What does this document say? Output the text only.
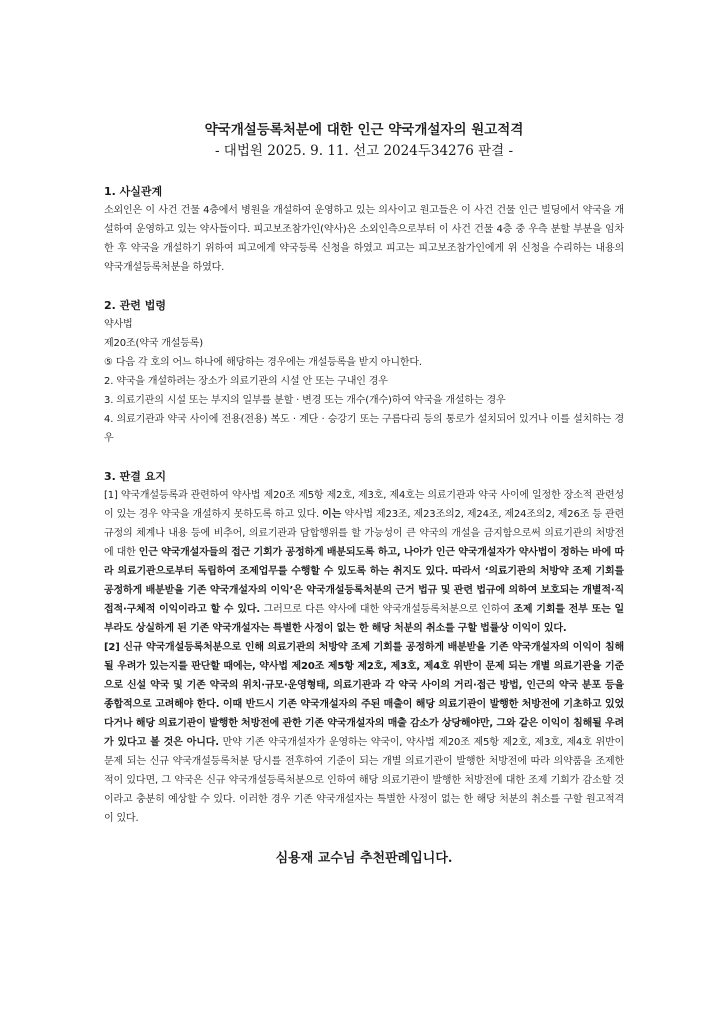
약국개설등록처분에 대한 인근 약국개설자의 원고적격
- 대법원 2025. 9. 11. 선고 2024두34276 판결 -
1. 사실관계

소외인은 이 사건 건물 4층에서 병원을 개설하여 운영하고 있는 의사이고 원고들은 이 사건 건물 인근 빌딩에서 약국을 개설하여 운영하고 있는 약사들이다. 피고보조참가인(약사)은 소외인측으로부터 이 사건 건물 4층 중 우측 분할 부분을 임차한 후 약국을 개설하기 위하여 피고에게 약국등록 신청을 하였고 피고는 피고보조참가인에게 위 신청을 수리하는 내용의 약국개설등록처분을 하였다.

2. 관련 법령
약사법
제20조(약국 개설등록)
⑤ 다음 각 호의 어느 하나에 해당하는 경우에는 개설등록을 받지 아니한다.
2. 약국을 개설하려는 장소가 의료기관의 시설 안 또는 구내인 경우
3. 의료기관의 시설 또는 부지의 일부를 분할 · 변경 또는 개수(개수)하여 약국을 개설하는 경우
4. 의료기관과 약국 사이에 전용(전용) 복도 · 계단 · 승강기 또는 구름다리 등의 통로가 설치되어 있거나 이를 설치하는 경우
3. 판결 요지

[1] 약국개설등록과 관련하여 약사법 제20조 제5항 제2호, 제3호, 제4호는 의료기관과 약국 사이에 일정한 장소적 관련성이 있는 경우 약국을 개설하지 못하도록 하고 있다. 이는 약사법 제23조, 제23조의2, 제24조, 제24조의2, 제26조 등 관련 규정의 체계나 내용 등에 비추어, 의료기관과 담합행위를 할 가능성이 큰 약국의 개설을 금지함으로써 의료기관의 처방전에 대한 인근 약국개설자들의 접근 기회가 공정하게 배분되도록 하고, 나아가 인근 약국개설자가 약사법이 정하는 바에 따라 의료기관으로부터 독립하여 조제업무를 수행할 수 있도록 하는 취지도 있다. 따라서 ‘의료기관의 처방약 조제 기회를 공정하게 배분받을 기존 약국개설자의 이익’은 약국개설등록처분의 근거 법규 및 관련 법규에 의하여 보호되는 개별적·직접적·구체적 이익이라고 할 수 있다. 그러므로 다른 약사에 대한 약국개설등록처분으로 인하여 조제 기회를 전부 또는 일부라도 상실하게 된 기존 약국개설자는 특별한 사정이 없는 한 해당 처분의 취소를 구할 법률상 이익이 있다.

[2] 신규 약국개설등록처분으로 인해 의료기관의 처방약 조제 기회를 공정하게 배분받을 기존 약국개설자의 이익이 침해될 우려가 있는지를 판단할 때에는, 약사법 제20조 제5항 제2호, 제3호, 제4호 위반이 문제 되는 개별 의료기관을 기준으로 신설 약국 및 기존 약국의 위치·규모·운영형태, 의료기관과 각 약국 사이의 거리·접근 방법, 인근의 약국 분포 등을 종합적으로 고려해야 한다. 이때 반드시 기존 약국개설자의 주된 매출이 해당 의료기관이 발행한 처방전에 기초하고 있었다거나 해당 의료기관이 발행한 처방전에 관한 기존 약국개설자의 매출 감소가 상당해야만, 그와 같은 이익이 침해될 우려가 있다고 볼 것은 아니다. 만약 기존 약국개설자가 운영하는 약국이, 약사법 제20조 제5항 제2호, 제3호, 제4호 위반이 문제 되는 신규 약국개설등록처분 당시를 전후하여 기준이 되는 개별 의료기관이 발행한 처방전에 따라 의약품을 조제한 적이 있다면, 그 약국은 신규 약국개설등록처분으로 인하여 해당 의료기관이 발행한 처방전에 대한 조제 기회가 감소할 것이라고 충분히 예상할 수 있다. 이러한 경우 기존 약국개설자는 특별한 사정이 없는 한 해당 처분의 취소를 구할 원고적격이 있다.

심용재 교수님 추천판례입니다.
